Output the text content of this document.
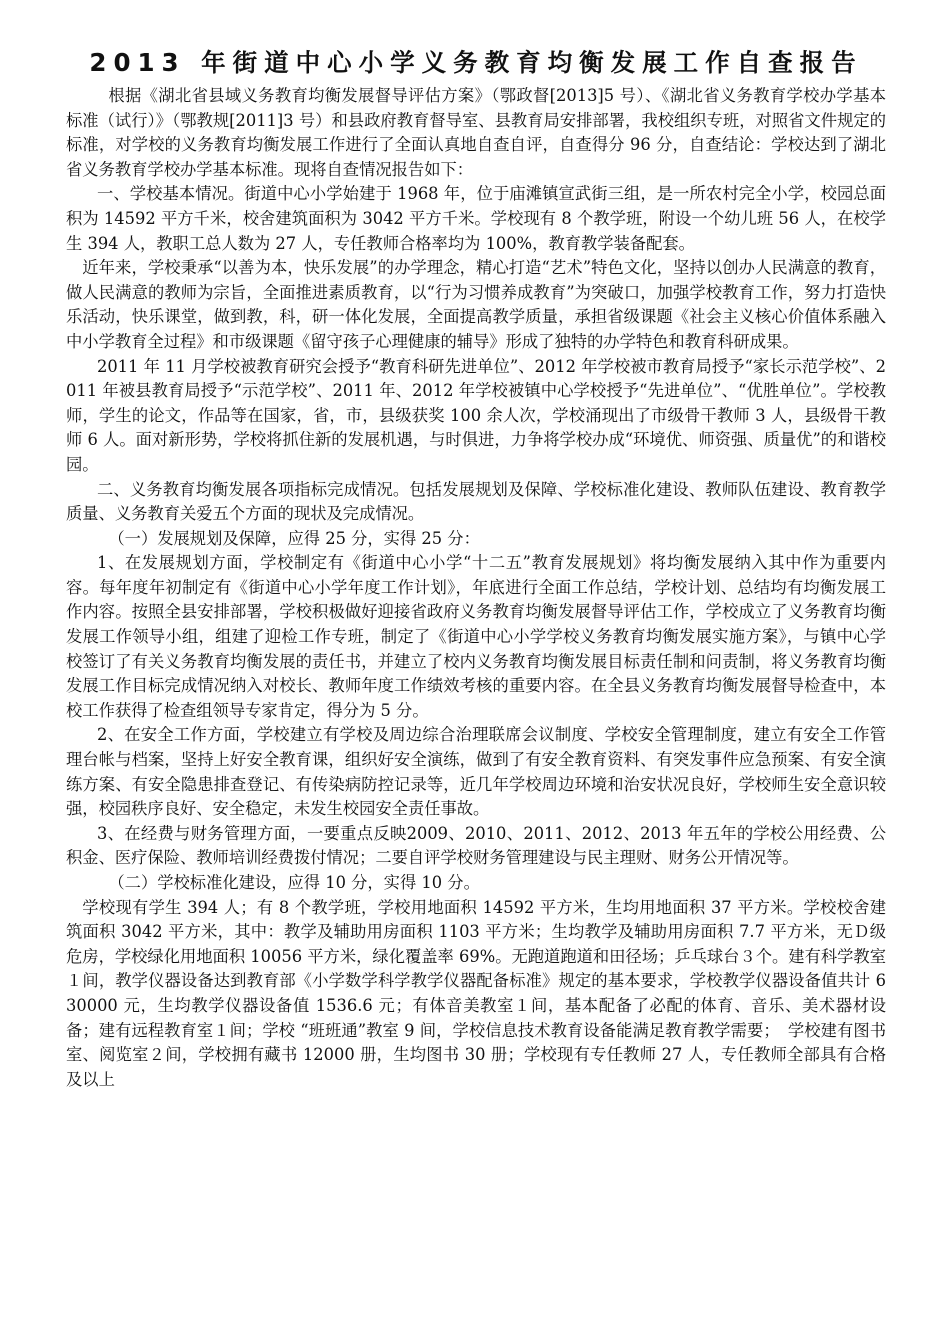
2013 年街道中心小学义务教育均衡发展工作自查报告

根据《湖北省县域义务教育均衡发展督导评估方案》（鄂政督[2013]5 号）、《湖北省义务教育学校办学基本标准（试行）》（鄂教规[2011]3 号）和县政府教育督导室、县教育局安排部署，我校组织专班，对照省文件规定的标准，对学校的义务教育均衡发展工作进行了全面认真地自查自评，自查得分 96 分，自查结论：学校达到了湖北省义务教育学校办学基本标准。现将自查情况报告如下：

一、学校基本情况。街道中心小学始建于 1968 年，位于庙滩镇宣武街三组，是一所农村完全小学，校园总面积为 14592 平方千米，校舍建筑面积为 3042 平方千米。学校现有 8 个教学班，附设一个幼儿班 56 人，在校学生 394 人，教职工总人数为 27 人，专任教师合格率均为 100%，教育教学装备配套。

近年来，学校秉承“以善为本，快乐发展”的办学理念，精心打造“艺术”特色文化，坚持以创办人民满意的教育，做人民满意的教师为宗旨，全面推进素质教育，以“行为习惯养成教育”为突破口，加强学校教育工作，努力打造快乐活动，快乐课堂，做到教，科，研一体化发展，全面提高教学质量，承担省级课题《社会主义核心价值体系融入中小学教育全过程》和市级课题《留守孩子心理健康的辅导》形成了独特的办学特色和教育科研成果。

2011 年 11 月学校被教育研究会授予“教育科研先进单位”、2012 年学校被市教育局授予“家长示范学校”、2011 年被县教育局授予“示范学校”、2011 年、2012 年学校被镇中心学校授予“先进单位”、“优胜单位”。学校教师，学生的论文，作品等在国家，省，市，县级获奖 100 余人次，学校涌现出了市级骨干教师 3 人，县级骨干教师 6 人。面对新形势，学校将抓住新的发展机遇，与时俱进，力争将学校办成“环境优、师资强、质量优”的和谐校园。

二、义务教育均衡发展各项指标完成情况。包括发展规划及保障、学校标准化建设、教师队伍建设、教育教学质量、义务教育关爱五个方面的现状及完成情况。

（一）发展规划及保障，应得 25 分，实得 25 分：

1、在发展规划方面，学校制定有《街道中心小学“十二五”教育发展规划》将均衡发展纳入其中作为重要内容。每年度年初制定有《街道中心小学年度工作计划》，年底进行全面工作总结，学校计划、总结均有均衡发展工作内容。按照全县安排部署，学校积极做好迎接省政府义务教育均衡发展督导评估工作，学校成立了义务教育均衡发展工作领导小组，组建了迎检工作专班，制定了《街道中心小学学校义务教育均衡发展实施方案》，与镇中心学校签订了有关义务教育均衡发展的责任书，并建立了校内义务教育均衡发展目标责任制和问责制，将义务教育均衡发展工作目标完成情况纳入对校长、教师年度工作绩效考核的重要内容。在全县义务教育均衡发展督导检查中，本校工作获得了检查组领导专家肯定，得分为 5 分。

2、在安全工作方面，学校建立有学校及周边综合治理联席会议制度、学校安全管理制度，建立有安全工作管理台帐与档案，坚持上好安全教育课，组织好安全演练，做到了有安全教育资料、有突发事件应急预案、有安全演练方案、有安全隐患排查登记、有传染病防控记录等，近几年学校周边环境和治安状况良好，学校师生安全意识较强，校园秩序良好、安全稳定，未发生校园安全责任事故。

3、在经费与财务管理方面，一要重点反映2009、2010、2011、2012、2013 年五年的学校公用经费、公积金、医疗保险、教师培训经费拨付情况；二要自评学校财务管理建设与民主理财、财务公开情况等。

（二）学校标准化建设，应得 10 分，实得 10 分。

学校现有学生 394 人；有 8 个教学班，学校用地面积 14592 平方米，生均用地面积 37 平方米。学校校舍建筑面积 3042 平方米，其中：教学及辅助用房面积 1103 平方米；生均教学及辅助用房面积 7.7 平方米，无Ｄ级危房，学校绿化用地面积 10056 平方米，绿化覆盖率 69%。无跑道跑道和田径场；乒乓球台３个。建有科学教室１间，教学仪器设备达到教育部《小学数学科学教学仪器配备标准》规定的基本要求，学校教学仪器设备值共计 630000 元，生均教学仪器设备值 1536.6 元；有体音美教室１间，基本配备了必配的体育、音乐、美术器材设备；建有远程教育室１间；学校 “班班通”教室 9 间，学校信息技术教育设备能满足教育教学需要；　学校建有图书室、阅览室２间，学校拥有藏书 12000 册，生均图书 30 册；学校现有专任教师 27 人，专任教师全部具有合格及以上
